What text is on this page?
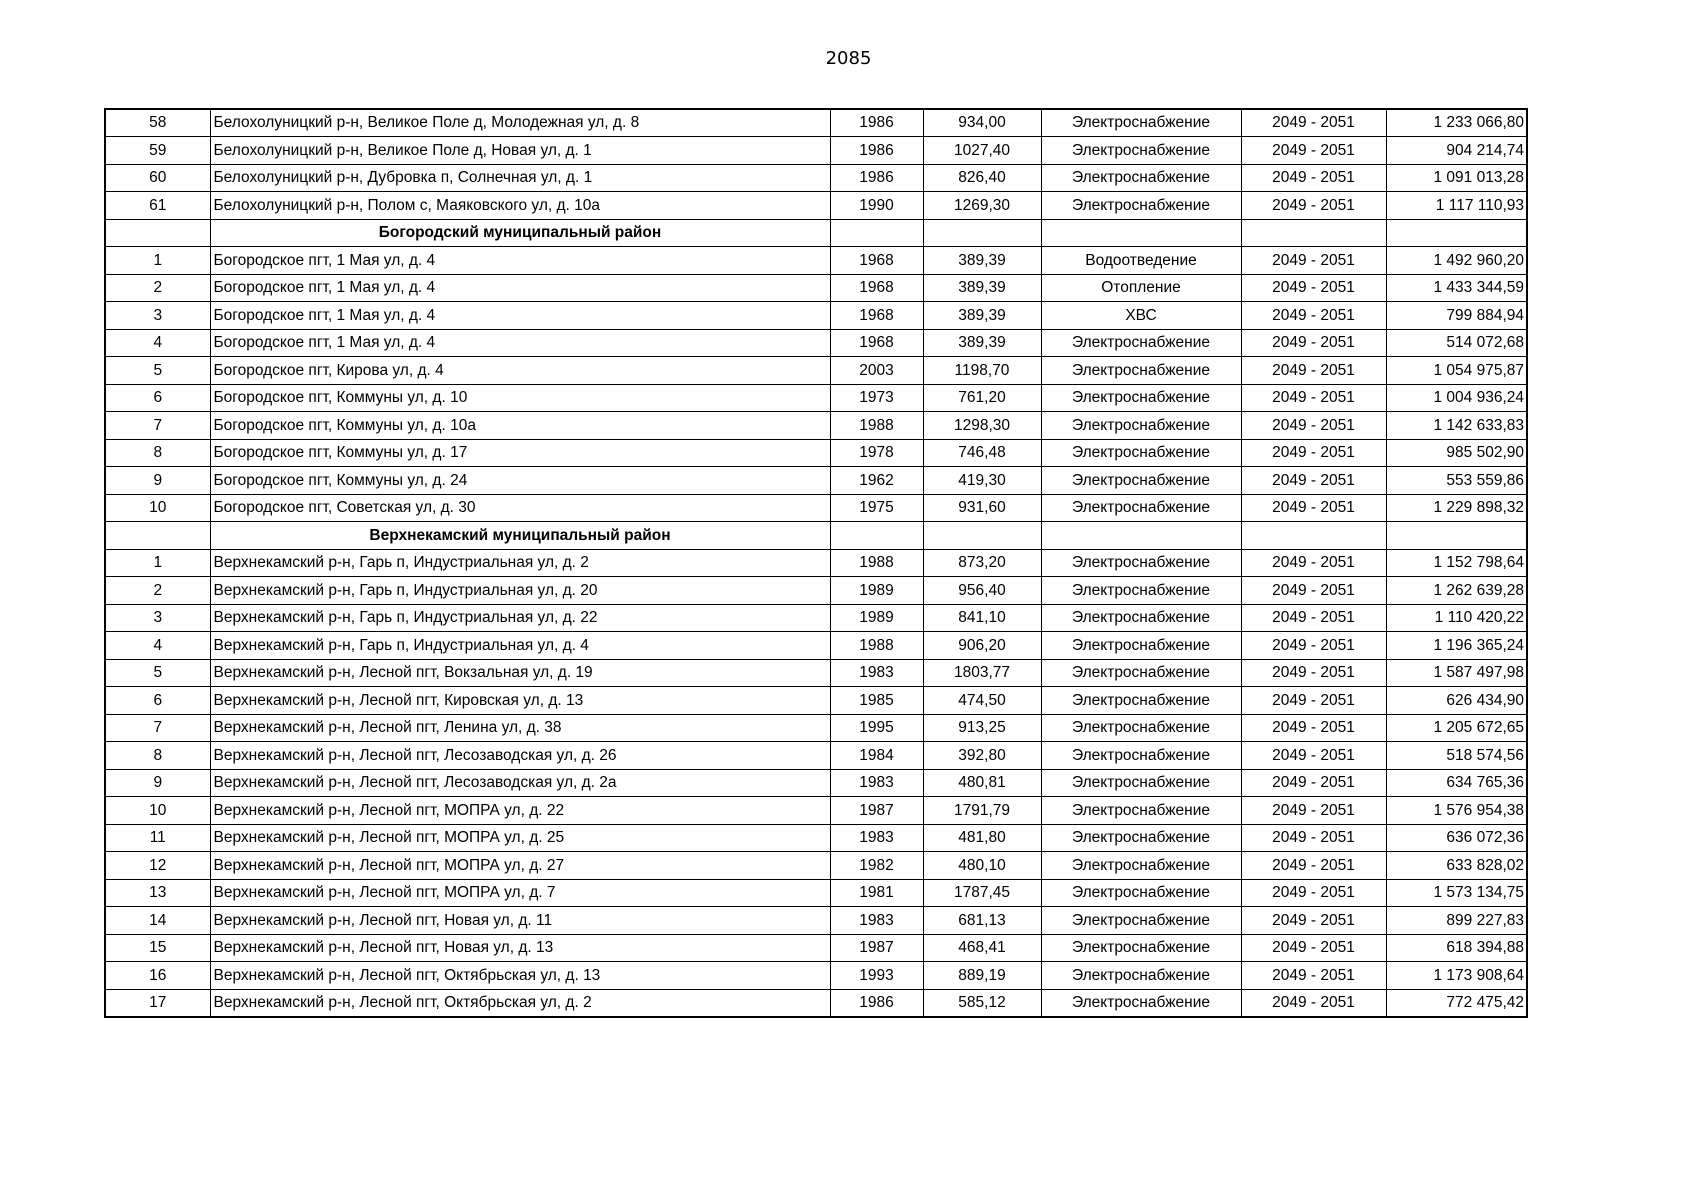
2085
58	Белохолуницкий р-н, Великое Поле д, Молодежная ул, д. 8	1986	934,00	Электроснабжение	2049 - 2051	1 233 066,80
59	Белохолуницкий р-н, Великое Поле д, Новая ул, д. 1	1986	1027,40	Электроснабжение	2049 - 2051	904 214,74
60	Белохолуницкий р-н, Дубровка п, Солнечная ул, д. 1	1986	826,40	Электроснабжение	2049 - 2051	1 091 013,28
61	Белохолуницкий р-н, Полом с, Маяковского ул, д. 10а	1990	1269,30	Электроснабжение	2049 - 2051	1 117 110,93
	Богородский муниципальный район					
1	Богородское пгт, 1 Мая ул, д. 4	1968	389,39	Водоотведение	2049 - 2051	1 492 960,20
2	Богородское пгт, 1 Мая ул, д. 4	1968	389,39	Отопление	2049 - 2051	1 433 344,59
3	Богородское пгт, 1 Мая ул, д. 4	1968	389,39	ХВС	2049 - 2051	799 884,94
4	Богородское пгт, 1 Мая ул, д. 4	1968	389,39	Электроснабжение	2049 - 2051	514 072,68
5	Богородское пгт, Кирова ул, д. 4	2003	1198,70	Электроснабжение	2049 - 2051	1 054 975,87
6	Богородское пгт, Коммуны ул, д. 10	1973	761,20	Электроснабжение	2049 - 2051	1 004 936,24
7	Богородское пгт, Коммуны ул, д. 10а	1988	1298,30	Электроснабжение	2049 - 2051	1 142 633,83
8	Богородское пгт, Коммуны ул, д. 17	1978	746,48	Электроснабжение	2049 - 2051	985 502,90
9	Богородское пгт, Коммуны ул, д. 24	1962	419,30	Электроснабжение	2049 - 2051	553 559,86
10	Богородское пгт, Советская ул, д. 30	1975	931,60	Электроснабжение	2049 - 2051	1 229 898,32
	Верхнекамский муниципальный район					
1	Верхнекамский р-н, Гарь п, Индустриальная ул, д. 2	1988	873,20	Электроснабжение	2049 - 2051	1 152 798,64
2	Верхнекамский р-н, Гарь п, Индустриальная ул, д. 20	1989	956,40	Электроснабжение	2049 - 2051	1 262 639,28
3	Верхнекамский р-н, Гарь п, Индустриальная ул, д. 22	1989	841,10	Электроснабжение	2049 - 2051	1 110 420,22
4	Верхнекамский р-н, Гарь п, Индустриальная ул, д. 4	1988	906,20	Электроснабжение	2049 - 2051	1 196 365,24
5	Верхнекамский р-н, Лесной пгт, Вокзальная ул, д. 19	1983	1803,77	Электроснабжение	2049 - 2051	1 587 497,98
6	Верхнекамский р-н, Лесной пгт, Кировская ул, д. 13	1985	474,50	Электроснабжение	2049 - 2051	626 434,90
7	Верхнекамский р-н, Лесной пгт, Ленина ул, д. 38	1995	913,25	Электроснабжение	2049 - 2051	1 205 672,65
8	Верхнекамский р-н, Лесной пгт, Лесозаводская ул, д. 26	1984	392,80	Электроснабжение	2049 - 2051	518 574,56
9	Верхнекамский р-н, Лесной пгт, Лесозаводская ул, д. 2а	1983	480,81	Электроснабжение	2049 - 2051	634 765,36
10	Верхнекамский р-н, Лесной пгт, МОПРА ул, д. 22	1987	1791,79	Электроснабжение	2049 - 2051	1 576 954,38
11	Верхнекамский р-н, Лесной пгт, МОПРА ул, д. 25	1983	481,80	Электроснабжение	2049 - 2051	636 072,36
12	Верхнекамский р-н, Лесной пгт, МОПРА ул, д. 27	1982	480,10	Электроснабжение	2049 - 2051	633 828,02
13	Верхнекамский р-н, Лесной пгт, МОПРА ул, д. 7	1981	1787,45	Электроснабжение	2049 - 2051	1 573 134,75
14	Верхнекамский р-н, Лесной пгт, Новая ул, д. 11	1983	681,13	Электроснабжение	2049 - 2051	899 227,83
15	Верхнекамский р-н, Лесной пгт, Новая ул, д. 13	1987	468,41	Электроснабжение	2049 - 2051	618 394,88
16	Верхнекамский р-н, Лесной пгт, Октябрьская ул, д. 13	1993	889,19	Электроснабжение	2049 - 2051	1 173 908,64
17	Верхнекамский р-н, Лесной пгт, Октябрьская ул, д. 2	1986	585,12	Электроснабжение	2049 - 2051	772 475,42
